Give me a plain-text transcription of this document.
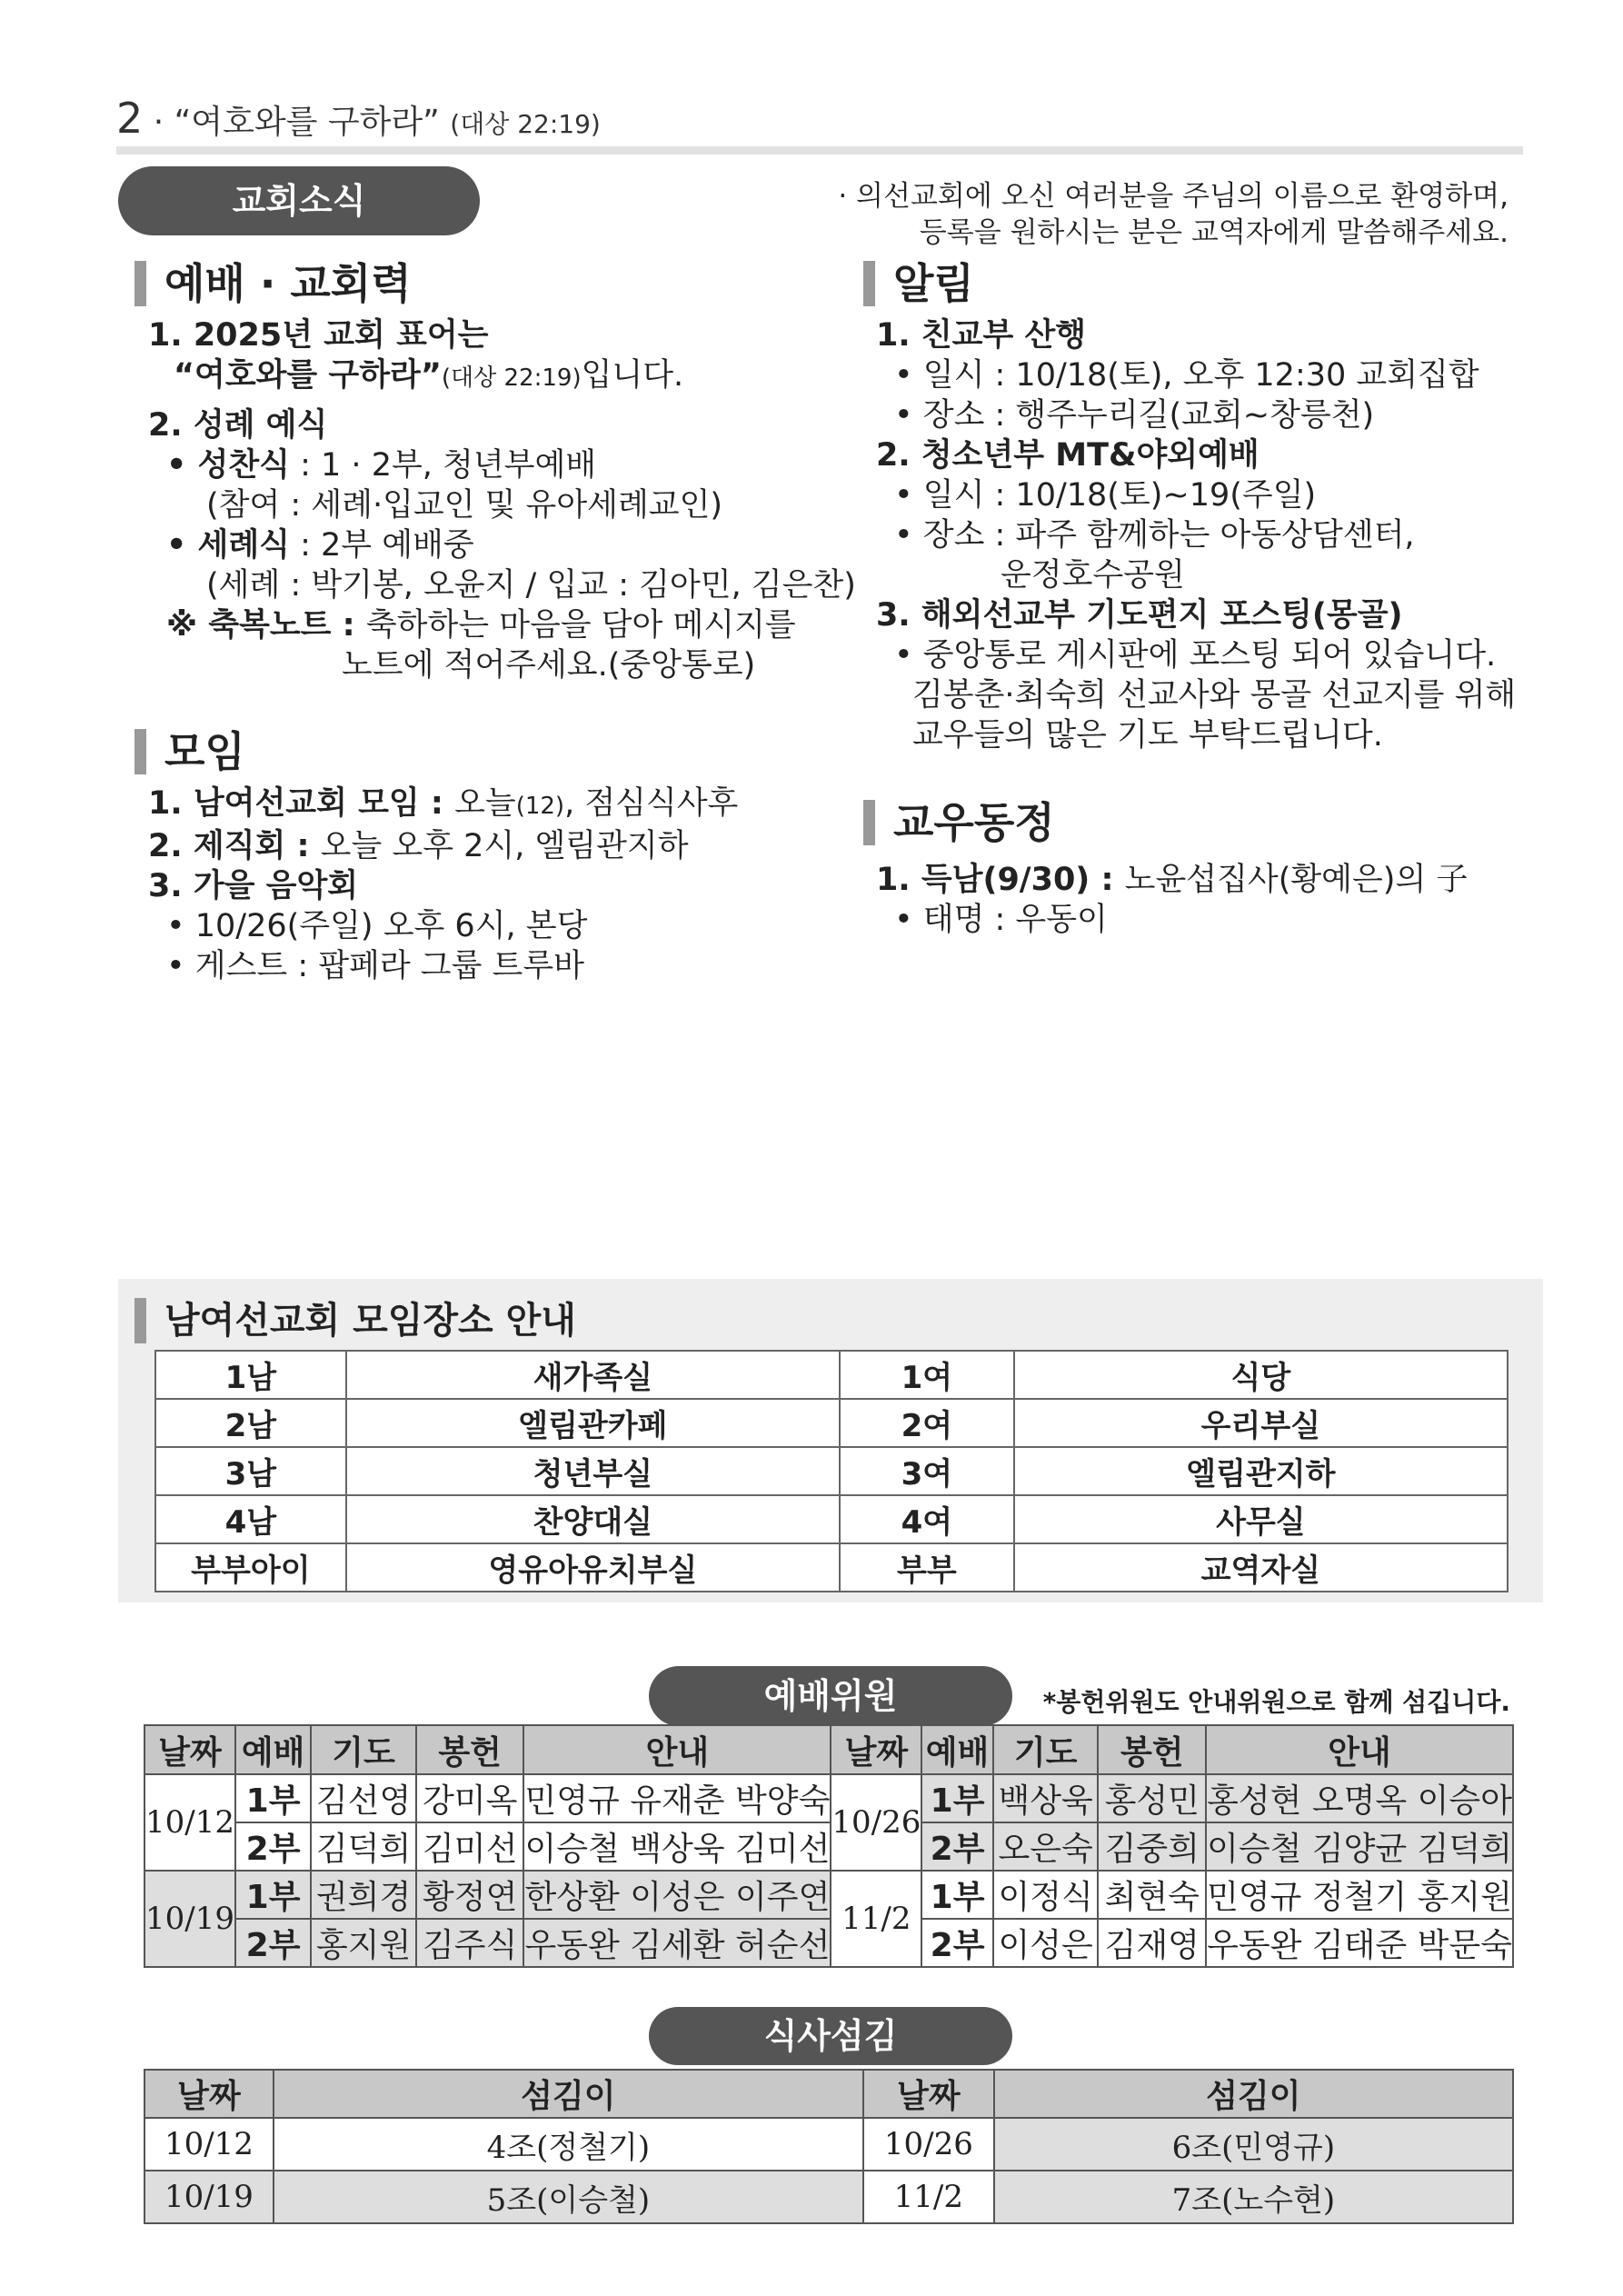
2 · “여호와를 구하라” (대상 22:19)
교회소식	· 의선교회에 오신 여러분을 주님의 이름으로 환영하며,
등록을 원하시는 분은 교역자에게 말씀해주세요.
예배 · 교회력
1. 2025년 교회 표어는
“여호와를 구하라”(대상 22:19)입니다.
2. 성례 예식
• 성찬식 : 1 · 2부, 청년부예배
(참여 : 세례·입교인 및 유아세례교인)
• 세례식 : 2부 예배중
(세례 : 박기봉, 오윤지 / 입교 : 김아민, 김은찬)
※ 축복노트 : 축하하는 마음을 담아 메시지를
노트에 적어주세요.(중앙통로)
모임
1. 남여선교회 모임 : 오늘(12), 점심식사후
2. 제직회 : 오늘 오후 2시, 엘림관지하
3. 가을 음악회
• 10/26(주일) 오후 6시, 본당
• 게스트 : 팝페라 그룹 트루바
알림
1. 친교부 산행
• 일시 : 10/18(토), 오후 12:30 교회집합
• 장소 : 행주누리길(교회~창릉천)
2. 청소년부 MT&야외예배
• 일시 : 10/18(토)~19(주일)
• 장소 : 파주 함께하는 아동상담센터,
운정호수공원
3. 해외선교부 기도편지 포스팅(몽골)
• 중앙통로 게시판에 포스팅 되어 있습니다.
김봉춘·최숙희 선교사와 몽골 선교지를 위해
교우들의 많은 기도 부탁드립니다.
교우동정
1. 득남(9/30) : 노윤섭집사(황예은)의 子
• 태명 : 우동이
남여선교회 모임장소 안내
1남	새가족실	1여	식당
2남	엘림관카페	2여	우리부실
3남	청년부실	3여	엘림관지하
4남	찬양대실	4여	사무실
부부아이	영유아유치부실	부부	교역자실
예배위원	*봉헌위원도 안내위원으로 함께 섬깁니다.
날짜	예배	기도	봉헌	안내	날짜	예배	기도	봉헌	안내
10/12	1부	김선영	강미옥	민영규 유재춘 박양숙	10/26	1부	백상욱	홍성민	홍성현 오명옥 이승아
	2부	김덕희	김미선	이승철 백상욱 김미선		2부	오은숙	김중희	이승철 김양균 김덕희
10/19	1부	권희경	황정연	한상환 이성은 이주연	11/2	1부	이정식	최현숙	민영규 정철기 홍지원
	2부	홍지원	김주식	우동완 김세환 허순선		2부	이성은	김재영	우동완 김태준 박문숙
식사섬김
날짜	섬김이	날짜	섬김이
10/12	4조(정철기)	10/26	6조(민영규)
10/19	5조(이승철)	11/2	7조(노수현)
